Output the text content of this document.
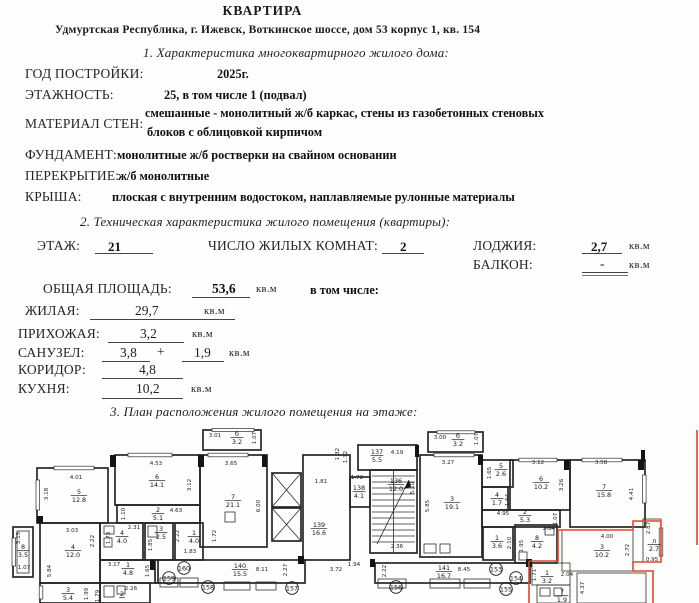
КВАРТИРА
Удмуртская Республика, г. Ижевск, Воткинское шоссе, дом 53 корпус 1, кв. 154
1. Характеристика многоквартирного жилого дома:
ГОД ПОСТРОЙКИ:	2025г.
ЭТАЖНОСТЬ:	25, в том числе 1 (подвал)
МАТЕРИАЛ СТЕН:
смешанные - монолитный ж/б каркас, стены из газобетонных стеновых
блоков с облицовкой кирпичом
ФУНДАМЕНТ: монолитные ж/б ростверки на свайном основании
ПЕРЕКРЫТИЕ:
ж/б монолитные
КРЫША: плоская с внутренним водостоком, наплавляемые рулонные материалы
2. Техническая характеристика жилого помещения (квартиры):
ЭТАЖ: 21	ЧИСЛО ЖИЛЫХ КОМНАТ: 2	ЛОДЖИЯ:	2,7 кв.м
БАЛКОН:	- кв.м
ОБЩАЯ ПЛОЩАДЬ:	53,6 кв.м	в том числе:
ЖИЛАЯ:	29,7	кв.м
ПРИХОЖАЯ:	3,2	кв.м
САНУЗЕЛ:	3,8 + 1,9 кв.м
КОРИДОР:	4,8
КУХНЯ:	10,2	кв.м
3. План расположения жилого помещения на этаже:
б
3.2
5
12.8
6
14.1
7
21.1
2
5.1
4
4.0
3
2.5	1
4.0
4
12.0
8
3.5
1
4.8
3
5.4	2
140
15.5
139
16.6
137
5.5
136
12.0
138
4.1	3
19.1
5
2.6
4
1.7
6
10.2	7
15.8
б
3.2
2
5.3
1
3.6
8
4.2	3
10.2
л
2.7
141
16.7	1
3.2
7
1.9
3.01	1.07
4.01
3.18
4.53
3.12
3.65
6.00
4.63
1.10
2.31
1.73
1.85
2.22
1.83
1.72
3.03
2.22
5.84
3.15
1.07	3.17	1.65
1.99	2.26
1.79
8.11	2.27	3.72
1.81
1.32	4.19
1.32
5.10
1.72
3.27
5.85
1.65
1.64
3.12
3.26
3.58
4.41
3.00	1.07
4.95	1.07
2.10
2.34
1.95
4.00
2.72
2.87
0.95
8.45
2.22
1.94
2.36
1.71	2.04
4.37
160
159
158	157	156
153
154
155
